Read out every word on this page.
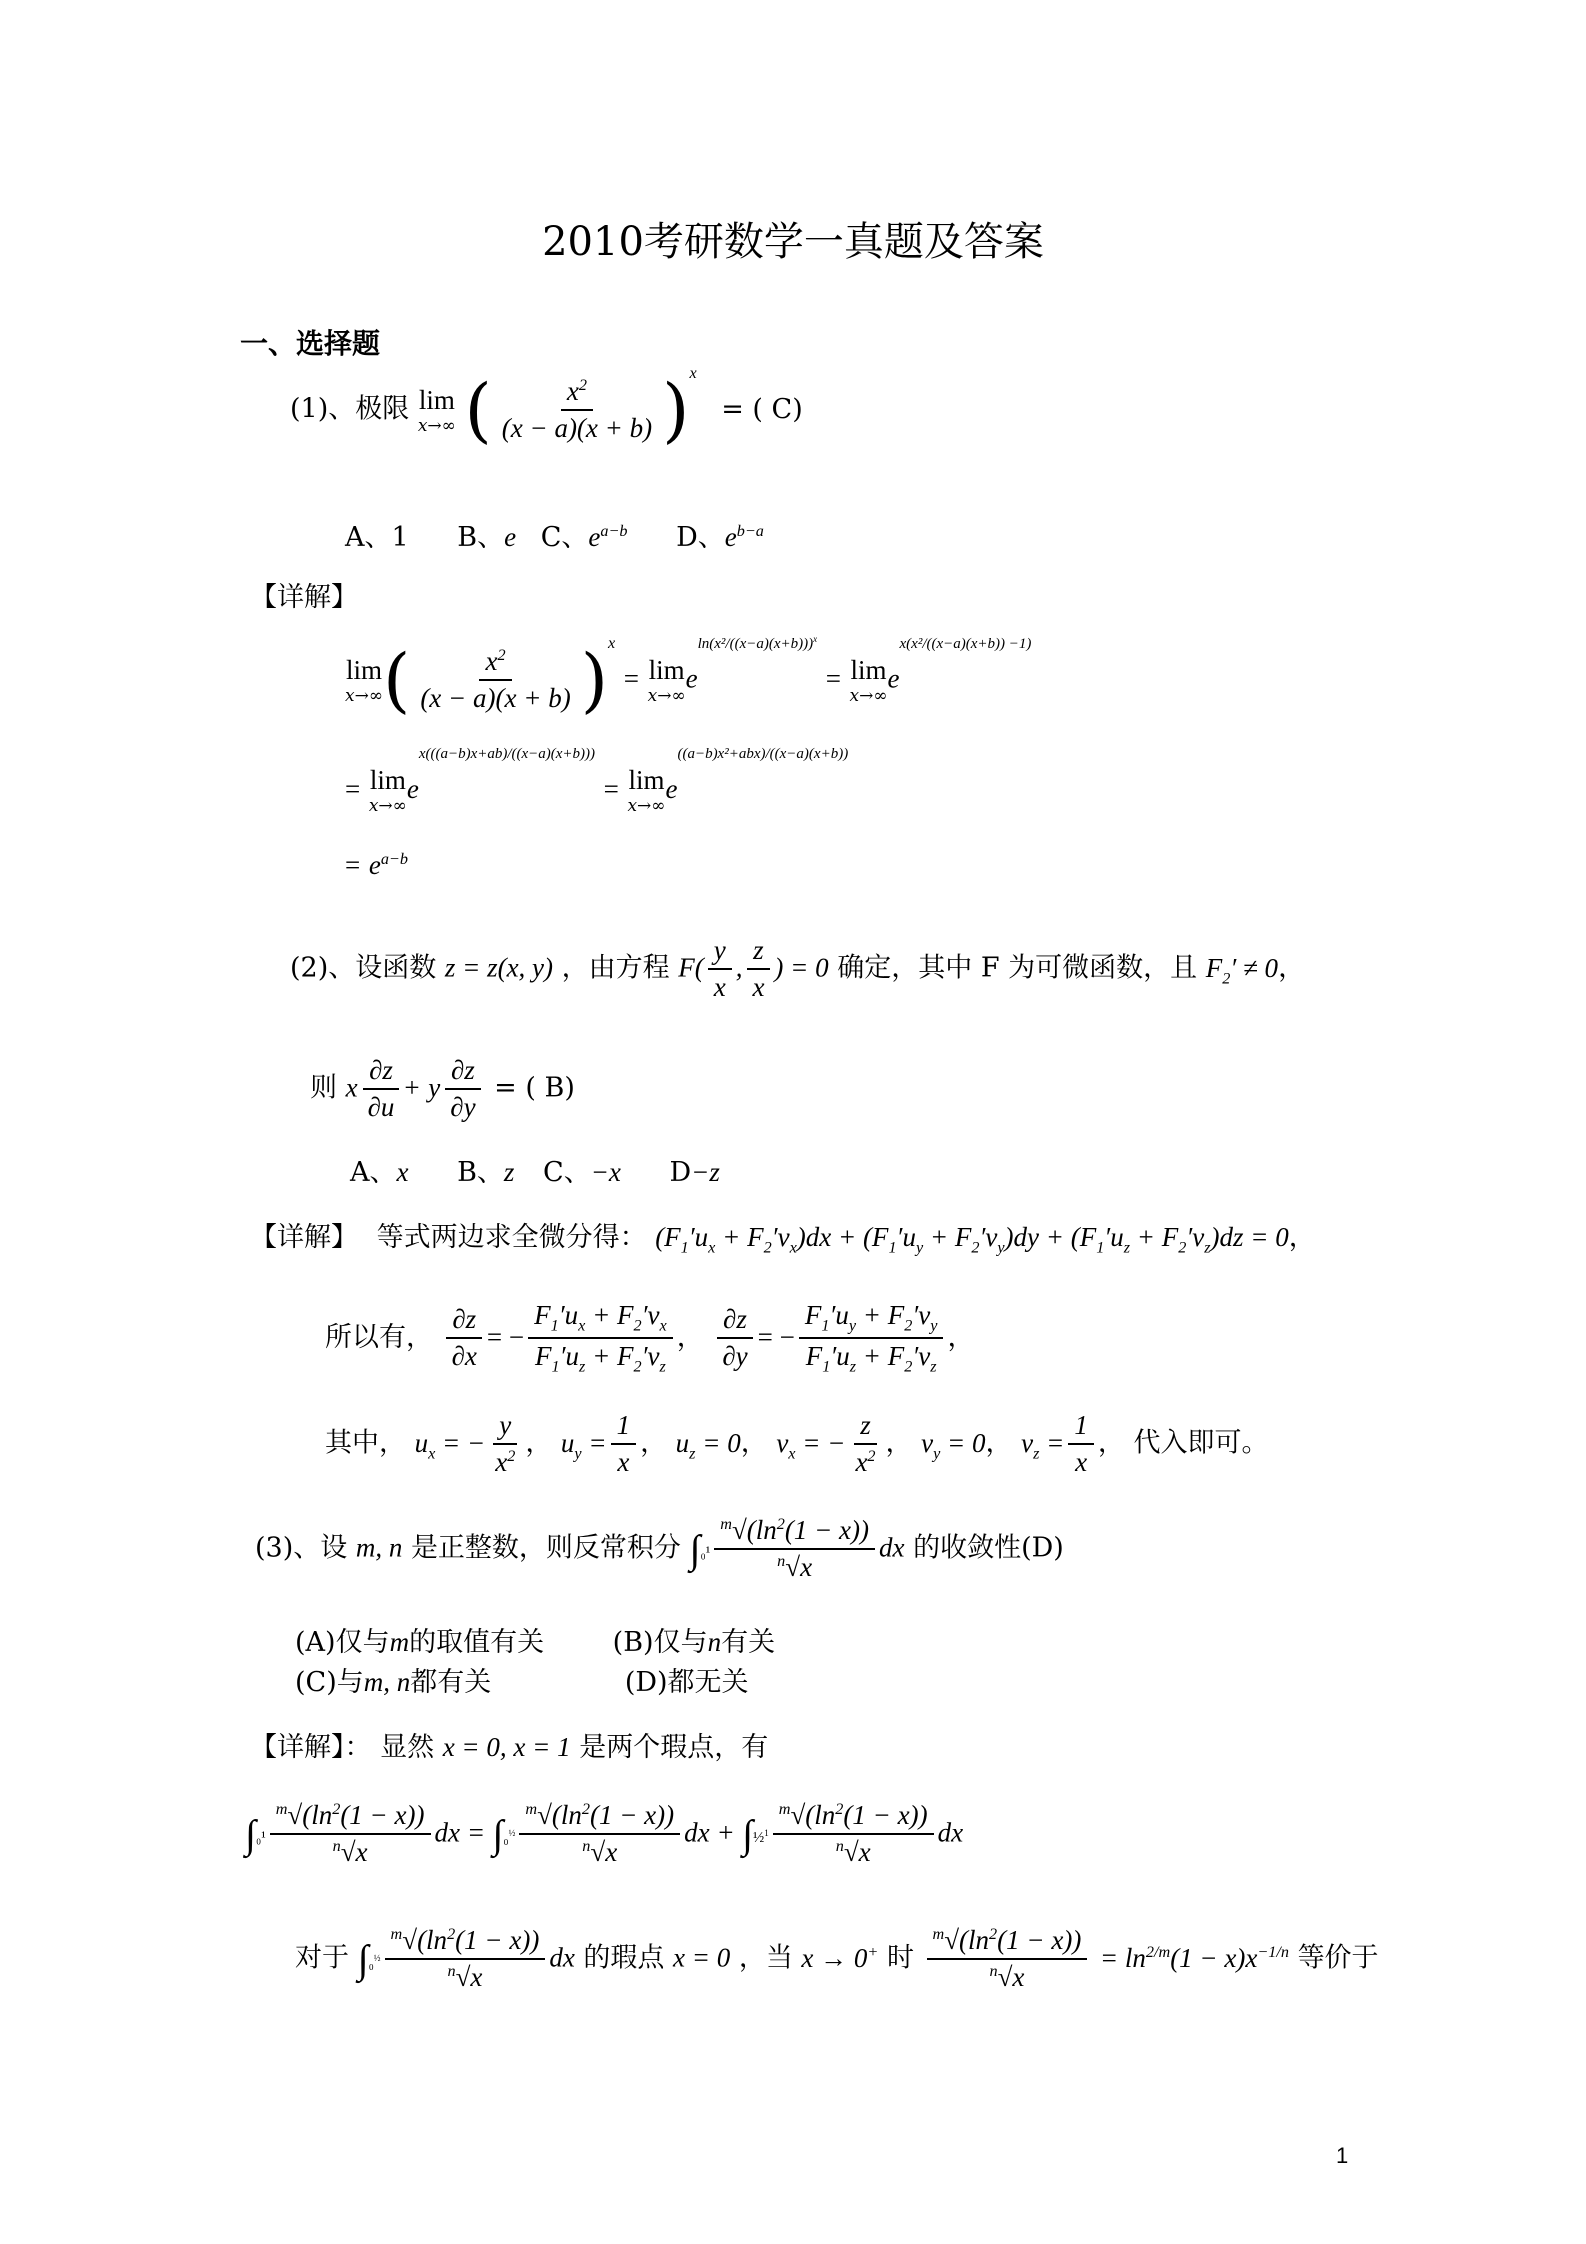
2010考研数学一真题及答案
一、选择题
(1)、极限 lim
x→∞ ( $\frac{x^2}{(x - a)(x + b)} )^x$ = ( C)
A、1 B、e C、$e^{a-b}$ D、$e^{b-a}$
【详解】
lim
x→∞ ( $\frac{x^2}{(x - a)(x + b)} )^x = \lim$
x→∞
$e^{ln(x^2/((x-a)(x+b)))^x} = \lim$
x→∞
$e^{x(x^2/((x-a)(x+b)) -1)}$
= lim
x→∞
$e^{x(((a-b)x+ab)/((x-a)(x+b)))} = \lim$
x→∞
$e^{((a-b)x^2+abx)/((x-a)(x+b))}$
= $e^{a-b}$
(2)、设函数 z = z(x, y) ，由方程 $F( \frac{y}{x}$ , $\frac{z}{x}$ ) = 0 确定，其中 F 为可微函数，且 $F_2' \ne 0$，
则 x $\frac{\partial z}{\partial u} + y \frac{\partial z}{\partial y}$ = ( B)
A、x B、z C、−x D−z
【详解】 等式两边求全微分得： $(F_1'u_x + F_2'v_x)dx + (F_1'u_y + F_2'v_y)dy + (F_1'u_z + F_2'v_z)dz = 0$，
所以有， $\frac{\partial z}{\partial x}$ = − $\frac{F_1'u_x + F_2'v_x}{F_1'u_z + F_2'v_z}$ ， $\frac{\partial z}{\partial y}$ = − $\frac{F_1'u_y + F_2'v_y}{F_1'u_z + F_2'v_z}$ ，
其中， $u_x$ = − $\frac{y}{x^2}$ ， $u_y = \frac{1}{x}$ ， $u_z = 0$， $v_x$ = − $\frac{z}{x^2}$ ， $v_y = 0$， $v_z = \frac{1}{x}$ ， 代入即可。
(3)、设 m, n 是正整数，则反常积分 $\int_0^1 \frac{^m√(\ln^2(1 - x))}{^n√x}$ dx 的收敛性(D)
(A)仅与m的取值有关	(B)仅与n有关
(C)与m, n都有关	(D)都无关
【详解】： 显然 x = 0, x = 1 是两个瑕点，有
$\int_0^1 \frac{^m√(\ln^2(1 - x))}{^n√x}$ dx = $\int_0^{\frac{1}{2}} \frac{^m√(\ln^2(1 - x))}{^n√x}$ dx + ∫½$^1$ $\frac{^m√(\ln^2(1 - x))}{^n√x}$ dx
对于 $\int_0^{\frac{1}{2}} \frac{^m√(\ln^2(1 - x))}{^n√x}$ dx 的瑕点 x = 0 ，当 x → 0+ 时 $\frac{^m√(\ln^2(1 - x))}{^n√x} = \ln^{2/m}(1 - x)x^{-1/n}$ 等价于
1
